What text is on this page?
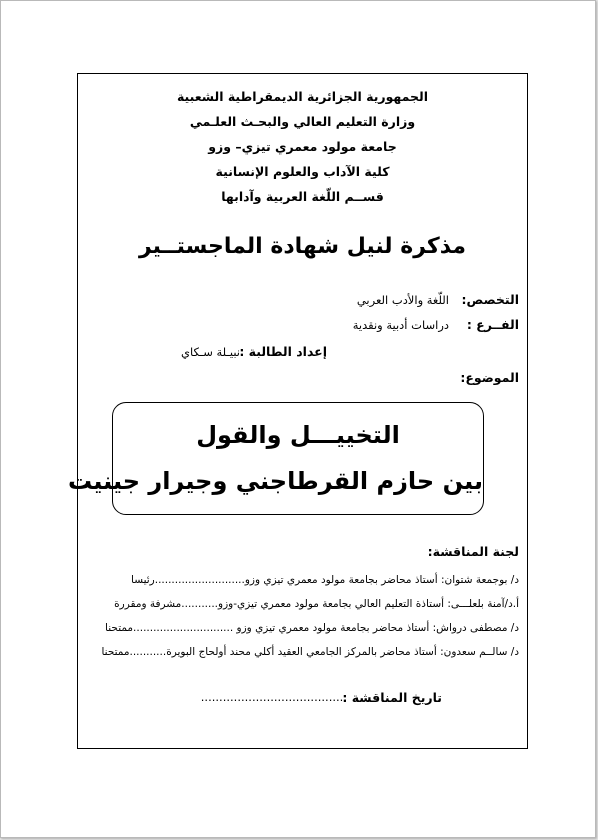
الجمهورية الجزائرية الديمقراطية الشعبية
وزارة التعليم العالي والبحـث العلـمي
جامعة مولود معمري تيزي– وزو
كلية الآداب والعلوم الإنسانية
قســم اللّغة العربية وآدابها
مذكرة لنيل شهادة الماجستــير
التخصص:
اللّغة والأدب العربي
الفــرع :
دراسات أدبية ونقدية
إعداد الطالبة :
نبيـلة سـكاي
الموضوع:
التخييـــل والقول
بين حازم القرطاجني وجيرار جينيت
لجنة المناقشة:
د/ بوجمعة شتوان: أستاذ محاضر بجامعة مولود معمري تيزي وزو...........................رئيسا
أ.د/آمنة بلعلـــى: أستاذة التعليم العالي بجامعة مولود معمري تيزي-وزو...........مشرفة ومقررة
د/ مصطفى درواش: أستاذ محاضر بجامعة مولود معمري تيزي وزو ..............................ممتحنا
د/ سالــم سعدون: أستاذ محاضر بالمركز الجامعي العقيد أكلي محند أولحاج البويرة...........ممتحنا
تاريخ المناقشة :
........................................
